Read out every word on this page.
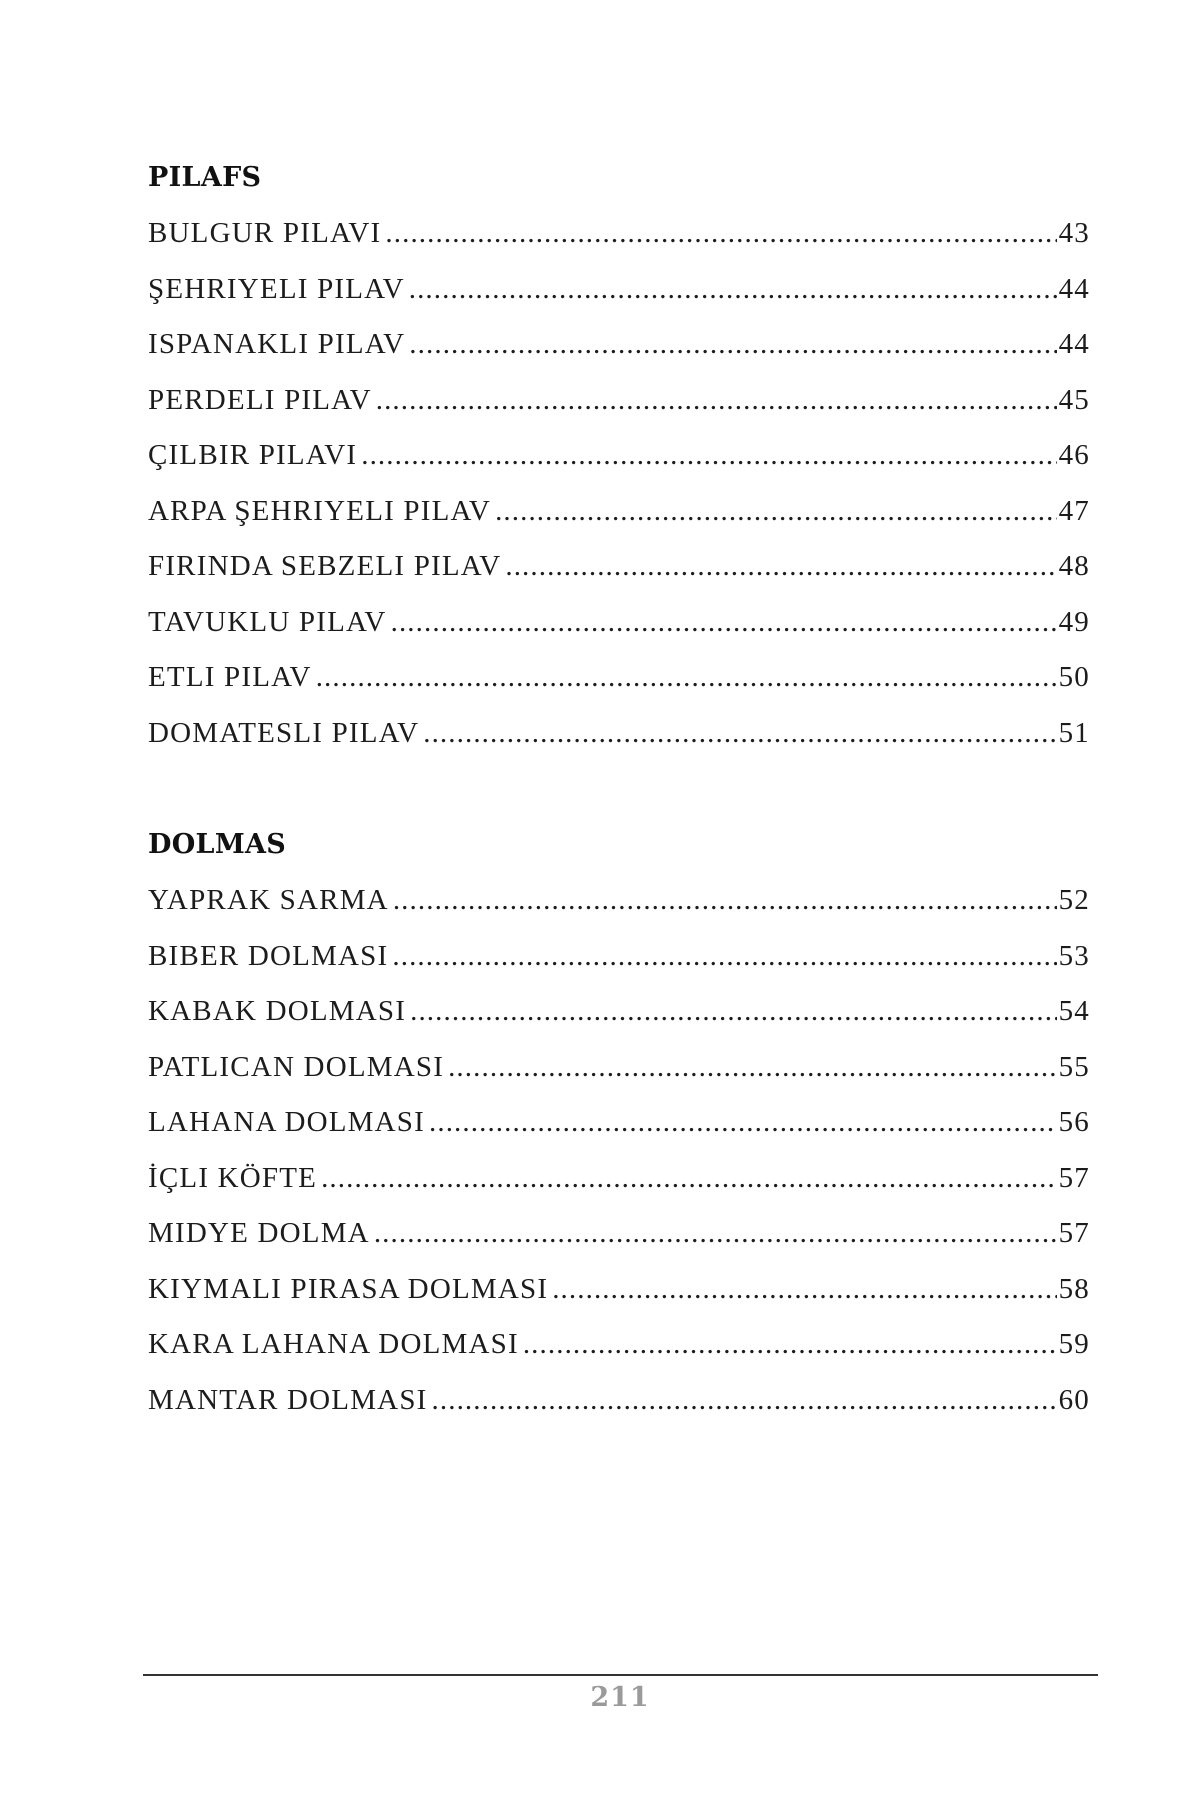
PILAFS
BULGUR PILAVI .....	43
ŞEHRIYELI PILAV .....	44
ISPANAKLI PILAV .....	44
PERDELI PILAV .....	45
ÇILBIR PILAVI .....	46
ARPA ŞEHRIYELI PILAV .....	47
FIRINDA SEBZELI PILAV .....	48
TAVUKLU PILAV .....	49
ETLI PILAV .....	50
DOMATESLI PILAV .....	51
DOLMAS
YAPRAK SARMA .....	52
BIBER DOLMASI .....	53
KABAK DOLMASI .....	54
PATLICAN DOLMASI .....	55
LAHANA DOLMASI .....	56
İÇLI KÖFTE .....	57
MIDYE DOLMA .....	57
KIYMALI PIRASA DOLMASI .....	58
KARA LAHANA DOLMASI .....	59
MANTAR DOLMASI .....	60
211
